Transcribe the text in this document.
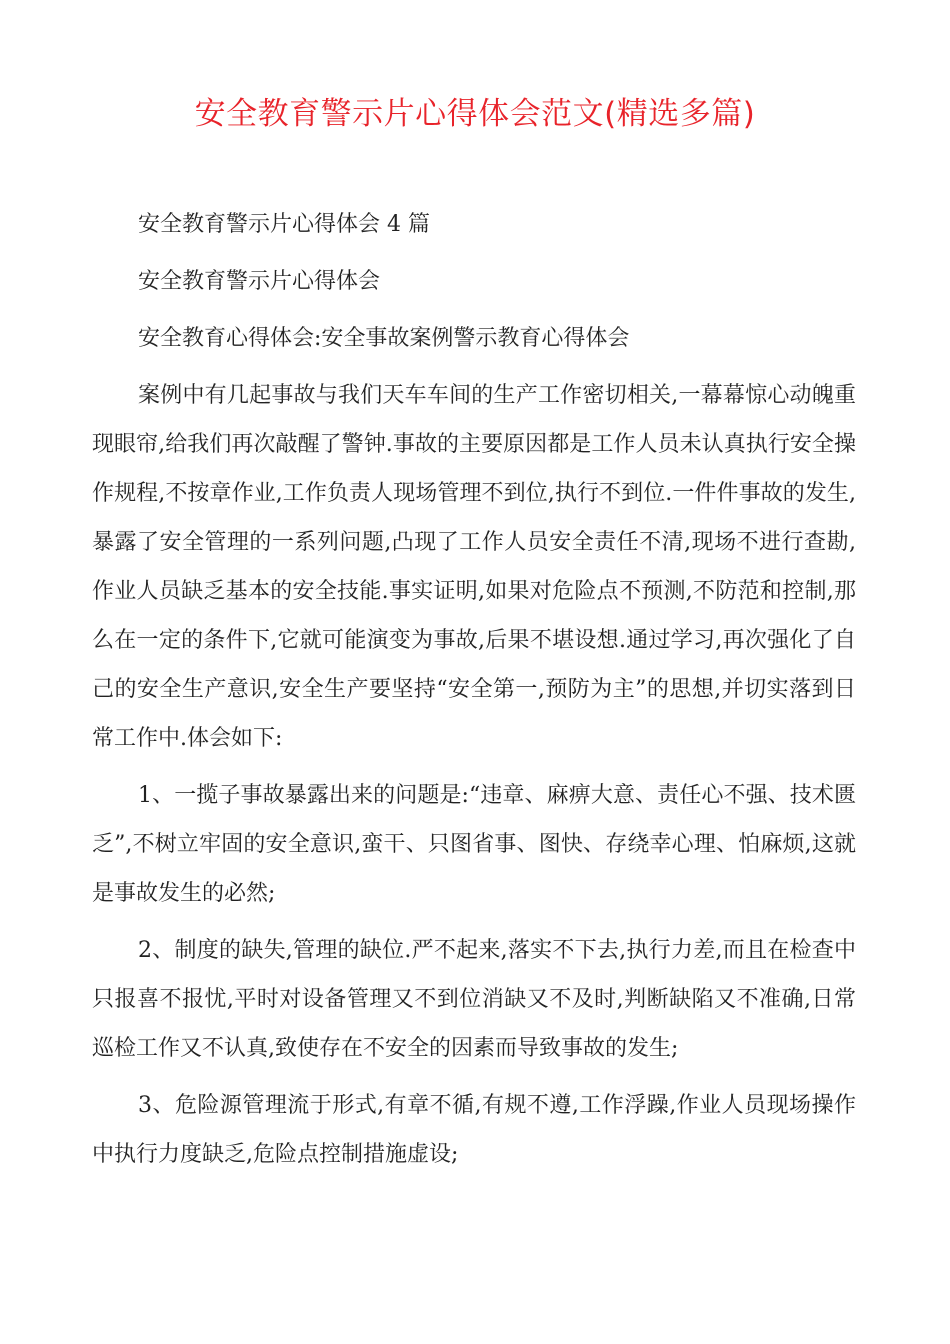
安全教育警示片心得体会范文(精选多篇)

安全教育警示片心得体会 4 篇

安全教育警示片心得体会

安全教育心得体会:安全事故案例警示教育心得体会

案例中有几起事故与我们天车车间的生产工作密切相关,一幕幕惊心动魄重现眼帘,给我们再次敲醒了警钟.事故的主要原因都是工作人员未认真执行安全操作规程,不按章作业,工作负责人现场管理不到位,执行不到位.一件件事故的发生,暴露了安全管理的一系列问题,凸现了工作人员安全责任不清,现场不进行查勘,作业人员缺乏基本的安全技能.事实证明,如果对危险点不预测,不防范和控制,那么在一定的条件下,它就可能演变为事故,后果不堪设想.通过学习,再次强化了自己的安全生产意识,安全生产要坚持“安全第一,预防为主”的思想,并切实落到日常工作中.体会如下:

1、一揽子事故暴露出来的问题是:“违章、麻痹大意、责任心不强、技术匮乏”,不树立牢固的安全意识,蛮干、只图省事、图快、存绕幸心理、怕麻烦,这就是事故发生的必然;

2、制度的缺失,管理的缺位.严不起来,落实不下去,执行力差,而且在检查中只报喜不报忧,平时对设备管理又不到位消缺又不及时,判断缺陷又不准确,日常巡检工作又不认真,致使存在不安全的因素而导致事故的发生;

3、危险源管理流于形式,有章不循,有规不遵,工作浮躁,作业人员现场操作中执行力度缺乏,危险点控制措施虚设;
